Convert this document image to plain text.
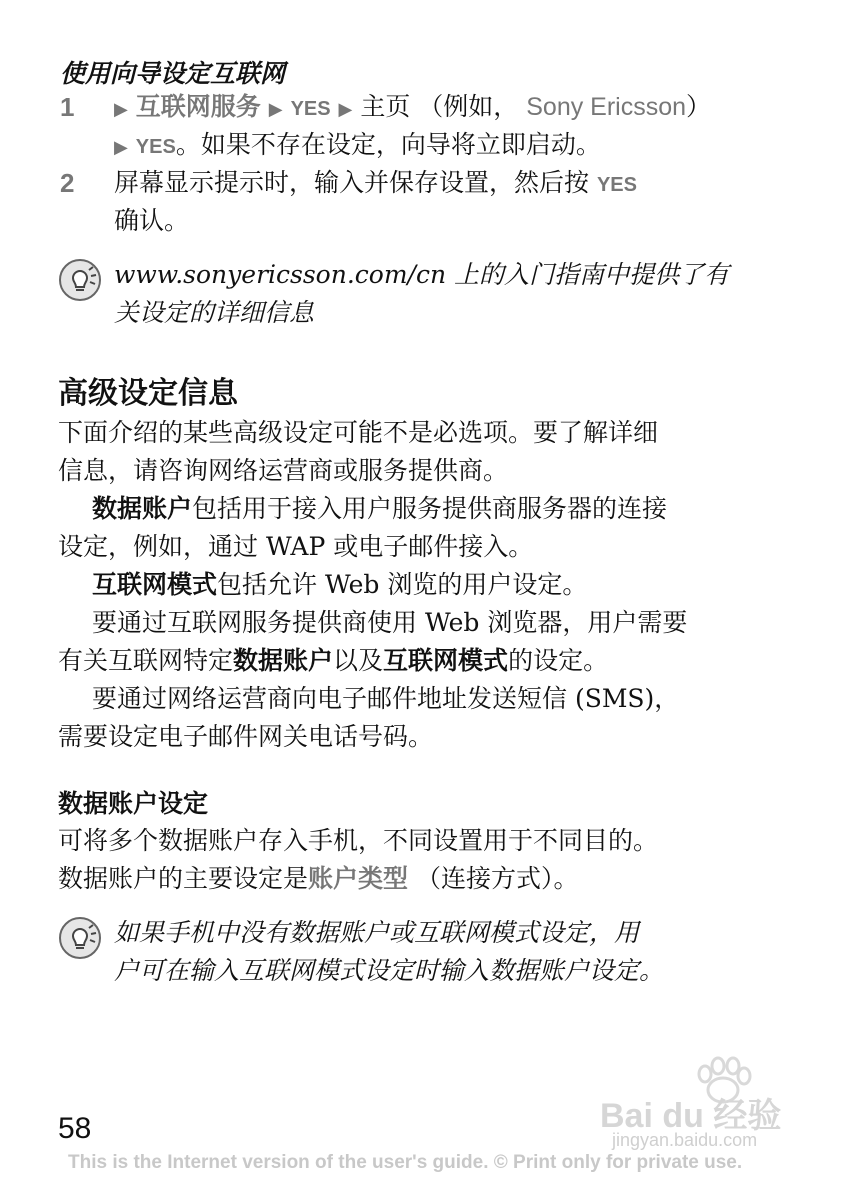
使用向导设定互联网
1 ▶ 互联网服务 ▶ YES ▶ 主页 （例如， Sony Ericsson）
▶ YES。如果不存在设定，向导将立即启动。
2 屏幕显示提示时，输入并保存设置，然后按 YES
确认。
www.sonyericsson.com/cn 上的入门指南中提供了有
关设定的详细信息
高级设定信息
下面介绍的某些高级设定可能不是必选项。要了解详细
信息，请咨询网络运营商或服务提供商。
数据账户包括用于接入用户服务提供商服务器的连接
设定，例如，通过 WAP 或电子邮件接入。
互联网模式包括允许 Web 浏览的用户设定。
要通过互联网服务提供商使用 Web 浏览器，用户需要
有关互联网特定数据账户以及互联网模式的设定。
要通过网络运营商向电子邮件地址发送短信 (SMS)，
需要设定电子邮件网关电话号码。
数据账户设定
可将多个数据账户存入手机，不同设置用于不同目的。
数据账户的主要设定是账户类型 （连接方式）。
如果手机中没有数据账户或互联网模式设定，用
户可在输入互联网模式设定时输入数据账户设定。
58
This is the Internet version of the user's guide. © Print only for private use.
Bai du 经验
jingyan.baidu.com
